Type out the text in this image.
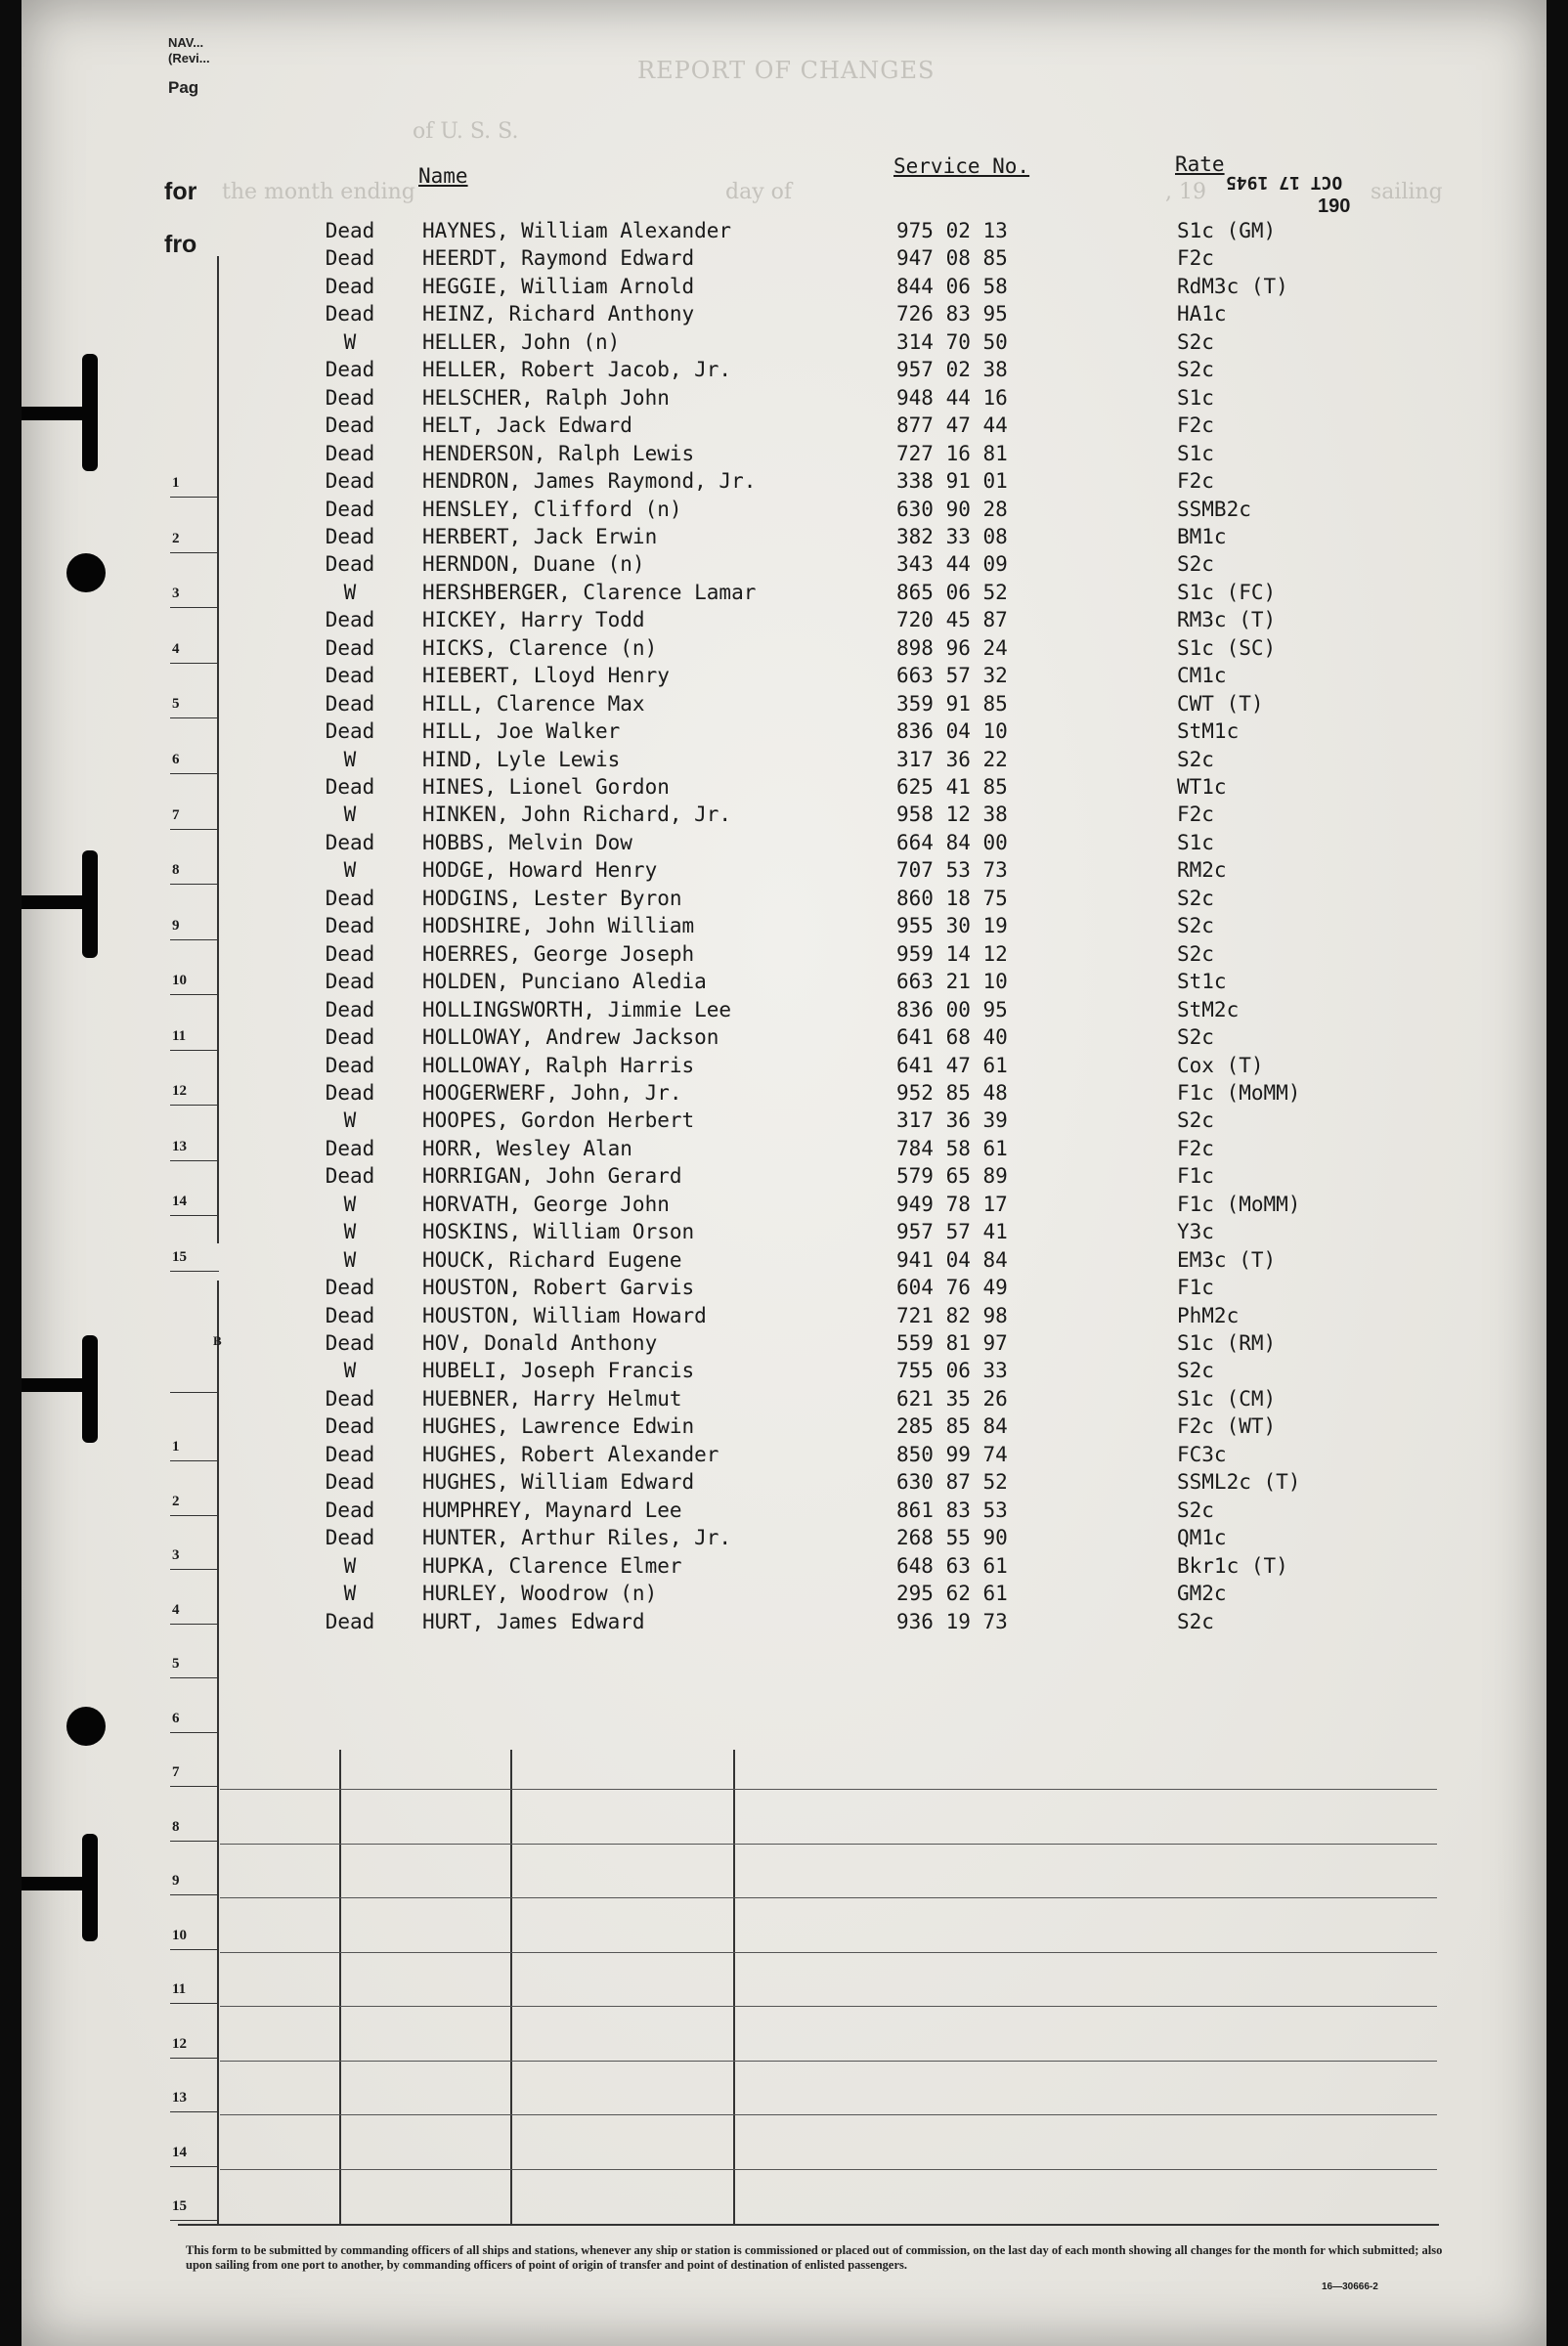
REPORT OF CHANGES
of U. S. S.
the month ending	day of	, 19	sailing
NAV...
(Revi...
Pag
for
fro
OCT 17 1945
190
Name	Service No.	Rate
Dead	HAYNES, William Alexander	975 02 13	S1c (GM)
Dead	HEERDT, Raymond Edward	947 08 85	F2c
Dead	HEGGIE, William Arnold	844 06 58	RdM3c (T)
Dead	HEINZ, Richard Anthony	726 83 95	HA1c
W	HELLER, John (n)	314 70 50	S2c
Dead	HELLER, Robert Jacob, Jr.	957 02 38	S2c
Dead	HELSCHER, Ralph John	948 44 16	S1c
Dead	HELT, Jack Edward	877 47 44	F2c
Dead	HENDERSON, Ralph Lewis	727 16 81	S1c
Dead	HENDRON, James Raymond, Jr.	338 91 01	F2c
Dead	HENSLEY, Clifford (n)	630 90 28	SSMB2c
Dead	HERBERT, Jack Erwin	382 33 08	BM1c
Dead	HERNDON, Duane (n)	343 44 09	S2c
W	HERSHBERGER, Clarence Lamar	865 06 52	S1c (FC)
Dead	HICKEY, Harry Todd	720 45 87	RM3c (T)
Dead	HICKS, Clarence (n)	898 96 24	S1c (SC)
Dead	HIEBERT, Lloyd Henry	663 57 32	CM1c
Dead	HILL, Clarence Max	359 91 85	CWT (T)
Dead	HILL, Joe Walker	836 04 10	StM1c
W	HIND, Lyle Lewis	317 36 22	S2c
Dead	HINES, Lionel Gordon	625 41 85	WT1c
W	HINKEN, John Richard, Jr.	958 12 38	F2c
Dead	HOBBS, Melvin Dow	664 84 00	S1c
W	HODGE, Howard Henry	707 53 73	RM2c
Dead	HODGINS, Lester Byron	860 18 75	S2c
Dead	HODSHIRE, John William	955 30 19	S2c
Dead	HOERRES, George Joseph	959 14 12	S2c
Dead	HOLDEN, Punciano Aledia	663 21 10	St1c
Dead	HOLLINGSWORTH, Jimmie Lee	836 00 95	StM2c
Dead	HOLLOWAY, Andrew Jackson	641 68 40	S2c
Dead	HOLLOWAY, Ralph Harris	641 47 61	Cox (T)
Dead	HOOGERWERF, John, Jr.	952 85 48	F1c (MoMM)
W	HOOPES, Gordon Herbert	317 36 39	S2c
Dead	HORR, Wesley Alan	784 58 61	F2c
Dead	HORRIGAN, John Gerard	579 65 89	F1c
W	HORVATH, George John	949 78 17	F1c (MoMM)
W	HOSKINS, William Orson	957 57 41	Y3c
W	HOUCK, Richard Eugene	941 04 84	EM3c (T)
Dead	HOUSTON, Robert Garvis	604 76 49	F1c
Dead	HOUSTON, William Howard	721 82 98	PhM2c
Dead	HOV, Donald Anthony	559 81 97	S1c (RM)
W	HUBELI, Joseph Francis	755 06 33	S2c
Dead	HUEBNER, Harry Helmut	621 35 26	S1c (CM)
Dead	HUGHES, Lawrence Edwin	285 85 84	F2c (WT)
Dead	HUGHES, Robert Alexander	850 99 74	FC3c
Dead	HUGHES, William Edward	630 87 52	SSML2c (T)
Dead	HUMPHREY, Maynard Lee	861 83 53	S2c
Dead	HUNTER, Arthur Riles, Jr.	268 55 90	QM1c
W	HUPKA, Clarence Elmer	648 63 61	Bkr1c (T)
W	HURLEY, Woodrow (n)	295 62 61	GM2c
Dead	HURT, James Edward	936 19 73	S2c
1
2
3
4
5
6
7
8
9
10
11
12
13
14
15
1
2
3
4
5
6
7
8
9
10
11
12
13
14
15
B
This form to be submitted by commanding officers of all ships and stations, whenever any ship or station is commissioned or placed out of commission, on the last day of each month showing all changes for the month for which submitted; also upon sailing from one port to another, by commanding officers of point of origin of transfer and point of destination of enlisted passengers.
16—30666-2
